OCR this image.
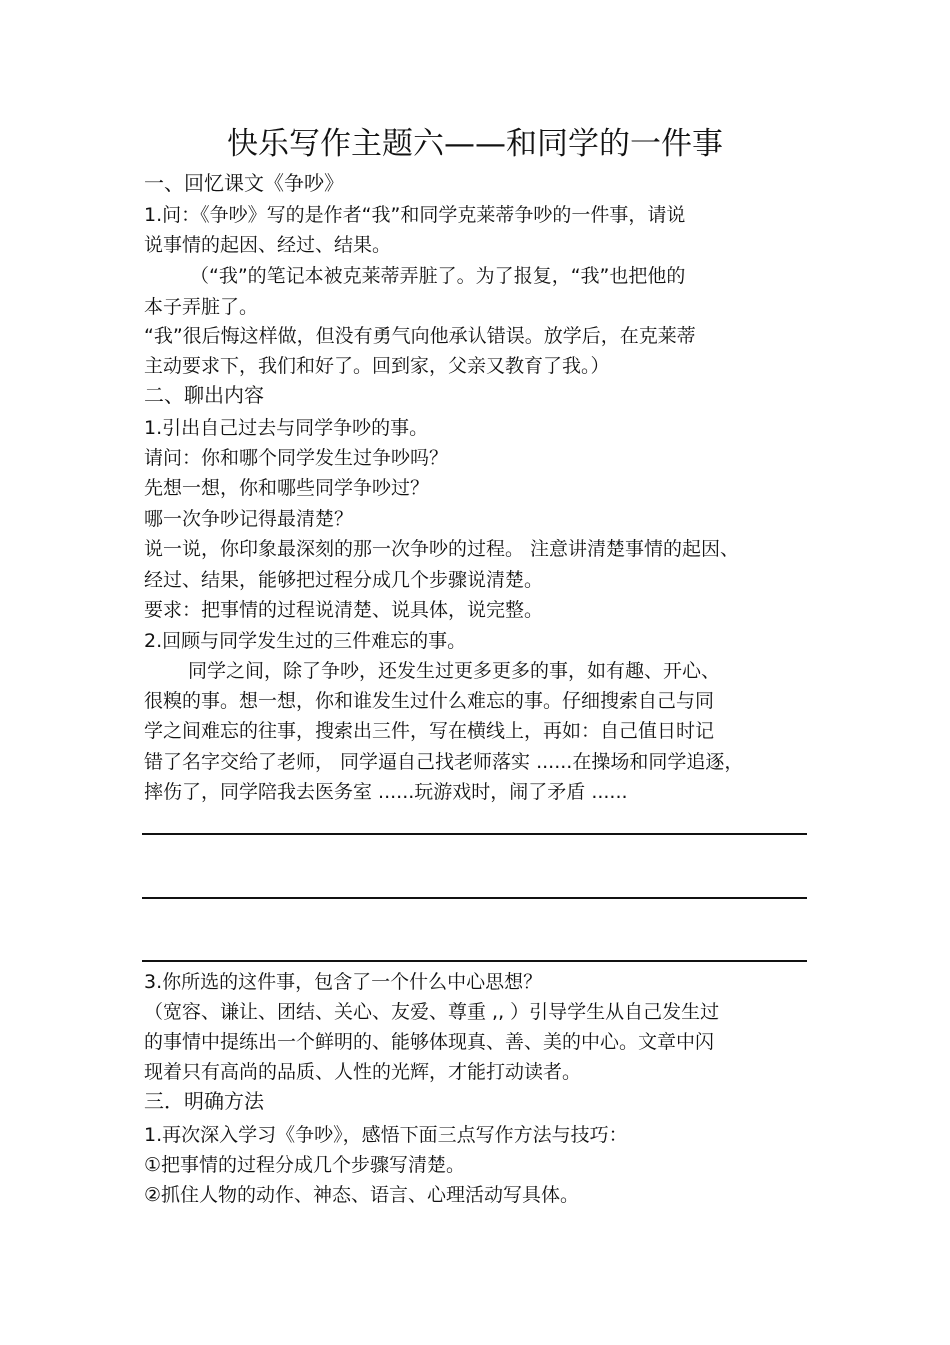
快乐写作主题六——和同学的一件事
一、回忆课文《争吵》
1.问：《争吵》写的是作者“我”和同学克莱蒂争吵的一件事，请说
说事情的起因、经过、结果。
（“我”的笔记本被克莱蒂弄脏了。为了报复，“我”也把他的
本子弄脏了。
“我”很后悔这样做，但没有勇气向他承认错误。放学后，在克莱蒂
主动要求下，我们和好了。回到家，父亲又教育了我。）
二、聊出内容
1.引出自己过去与同学争吵的事。
请问：你和哪个同学发生过争吵吗？
先想一想，你和哪些同学争吵过？
哪一次争吵记得最清楚？
说一说，你印象最深刻的那一次争吵的过程。 注意讲清楚事情的起因、
经过、结果，能够把过程分成几个步骤说清楚。
要求：把事情的过程说清楚、说具体，说完整。
2.回顾与同学发生过的三件难忘的事。
同学之间，除了争吵，还发生过更多更多的事，如有趣、开心、
很糗的事。想一想，你和谁发生过什么难忘的事。仔细搜索自己与同
学之间难忘的往事，搜索出三件，写在横线上，再如：自己值日时记
错了名字交给了老师， 同学逼自己找老师落实 ......在操场和同学追逐，
摔伤了，同学陪我去医务室 ......玩游戏时，闹了矛盾 ......
3.你所选的这件事，包含了一个什么中心思想？
（宽容、谦让、团结、关心、友爱、尊重 ,, ）引导学生从自己发生过
的事情中提练出一个鲜明的、能够体现真、善、美的中心。文章中闪
现着只有高尚的品质、人性的光辉，才能打动读者。
三．明确方法
1.再次深入学习《争吵》，感悟下面三点写作方法与技巧：
①把事情的过程分成几个步骤写清楚。
②抓住人物的动作、神态、语言、心理活动写具体。
